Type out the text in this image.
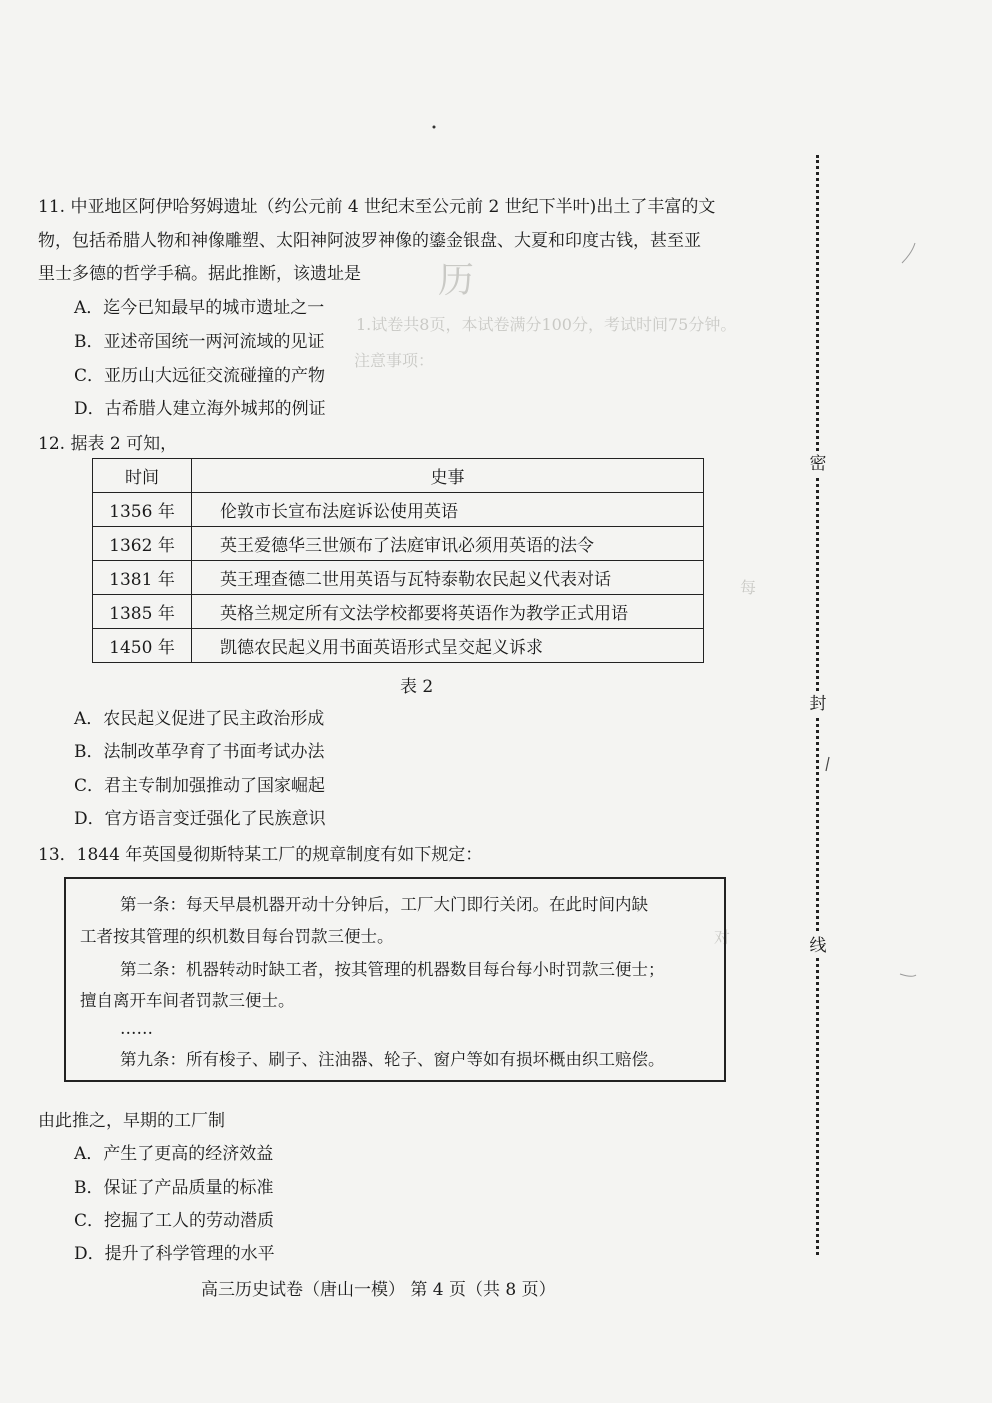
历
1.试卷共8页，本试卷满分100分，考试时间75分钟。
注意事项：
每
对
11. 中亚地区阿伊哈努姆遗址（约公元前 4 世纪末至公元前 2 世纪下半叶)出土了丰富的文
物，包括希腊人物和神像雕塑、太阳神阿波罗神像的鎏金银盘、大夏和印度古钱，甚至亚
里士多德的哲学手稿。据此推断，该遗址是
A．迄今已知最早的城市遗址之一
B．亚述帝国统一两河流域的见证
C．亚历山大远征交流碰撞的产物
D．古希腊人建立海外城邦的例证
12. 据表 2 可知，
时间	史事
1356 年	伦敦市长宣布法庭诉讼使用英语
1362 年	英王爱德华三世颁布了法庭审讯必须用英语的法令
1381 年	英王理查德二世用英语与瓦特泰勒农民起义代表对话
1385 年	英格兰规定所有文法学校都要将英语作为教学正式用语
1450 年	凯德农民起义用书面英语形式呈交起义诉求
表 2
A．农民起义促进了民主政治形成
B．法制改革孕育了书面考试办法
C．君主专制加强推动了国家崛起
D．官方语言变迁强化了民族意识
13．1844 年英国曼彻斯特某工厂的规章制度有如下规定：
第一条：每天早晨机器开动十分钟后，工厂大门即行关闭。在此时间内缺
工者按其管理的织机数目每台罚款三便士。
第二条：机器转动时缺工者，按其管理的机器数目每台每小时罚款三便士；
擅自离开车间者罚款三便士。
……
第九条：所有梭子、刷子、注油器、轮子、窗户等如有损坏概由织工赔偿。
由此推之，早期的工厂制
A．产生了更高的经济效益
B．保证了产品质量的标准
C．挖掘了工人的劳动潜质
D．提升了科学管理的水平
高三历史试卷（唐山一模） 第 4 页（共 8 页）
密
封
线
